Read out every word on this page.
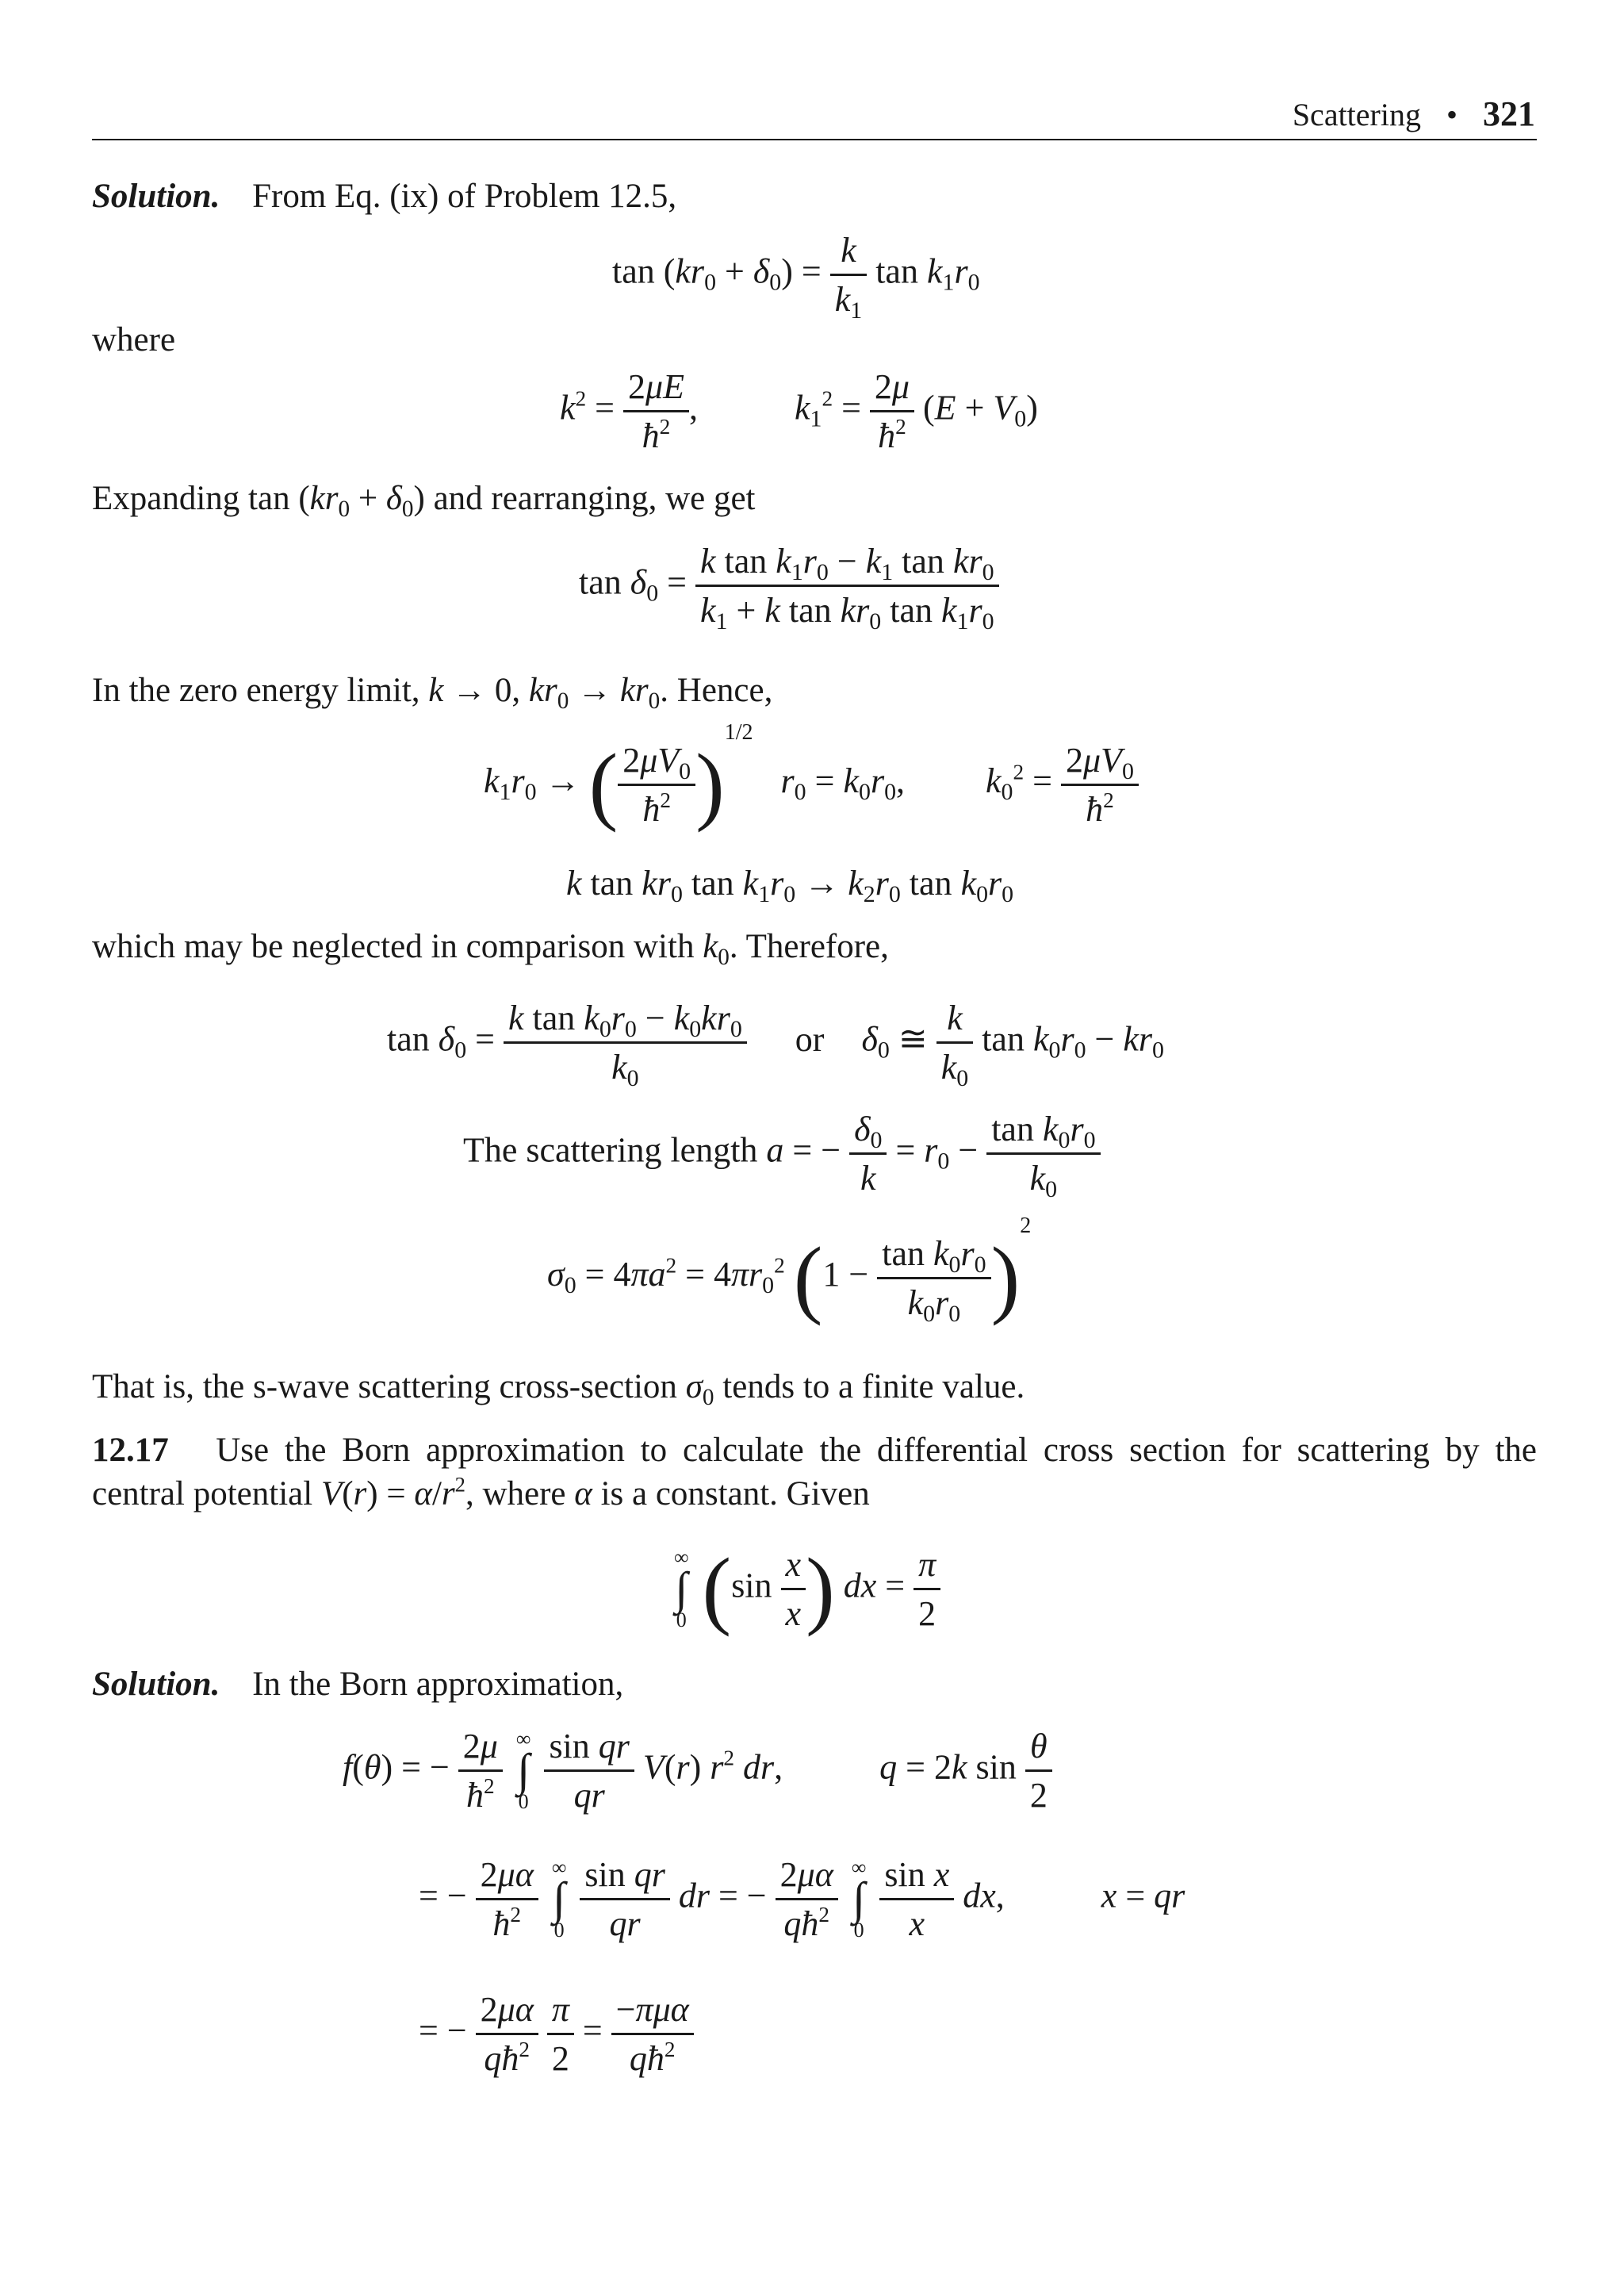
Scattering • 321
Solution. From Eq. (ix) of Problem 12.5,
$\tan (kr_0 + \delta_0) = \frac{k}{k_1}$ $\tan k_1r_0$
where
$k^2 = \frac{2\mu E}{ħ^2}$ ,	$k_1^2 = \frac{2\mu}{ħ^2} (E + V_0)$
Expanding $\tan (kr_0 + \delta_0)$ and rearranging, we get
$\tan \delta_0 = \frac{k \tan k_1r_0 - k_1 \tan kr_0}{k_1 + k \tan kr_0 \tan k_1r_0}$
In the zero energy limit, k → 0, $kr_0 \to kr_0$. Hence,
$k_1r_0$ → ( $\frac{2\mu V_0}{ħ^2} )^{1/2}$ $r_0 = k_0r_0$, $k_0^2 = \frac{2\mu V_0}{ħ^2}$
k $\tan kr_0$ $\tan k_1r_0 \to k_2r_0$ $\tan k_0r_0$
which may be neglected in comparison with $k_0$. Therefore,
$\tan \delta_0 = \frac{k \tan k_0r_0 - k_0kr_0}{k_0}$ or $\delta_0$ ≅ $\frac{k}{k_0}$ $\tan k_0r_0 - kr_0$
The scattering length a = − $\frac{\delta_0}{k} = r_0 - \frac{\tan k_0r_0}{k_0}$
$\sigma_0 = 4\pi a^2 = 4\pi r_0^2$ $(1 - \frac{\tan k_0r_0}{k_0r_0} )^2$
That is, the s-wave scattering cross-section $\sigma_0$ tends to a finite value.
12.17 Use the Born approximation to calculate the differential cross section for scattering by the
central potential $V(r) = \alpha/r^2$, where α is a constant. Given
∞
∫
0 ($\sin \frac{x}{x}$ ) dx = $\frac{\pi}{2}$
Solution. In the Born approximation,
f(θ) = − $\frac{2\mu}{ħ^2}$
∞
∫
0
$\frac{\text{sin qr}}{qr} V(r)$ $r^2$ dr,	q = 2k $\sin \frac{\theta}{2}$
= − $\frac{2\mu\alpha}{ħ^2}$
∞
∫
0
$\frac{\text{sin qr}}{qr}$ dr = − $\frac{2\mu\alpha}{qħ^2}$
∞
∫
0
$\frac{\text{sin x}}{x}$ dx,	x = qr
= − $\frac{2\mu\alpha}{qħ^2}$
$\frac{\pi}{2} = \frac{\text{−πμα}}{qħ^2}$
